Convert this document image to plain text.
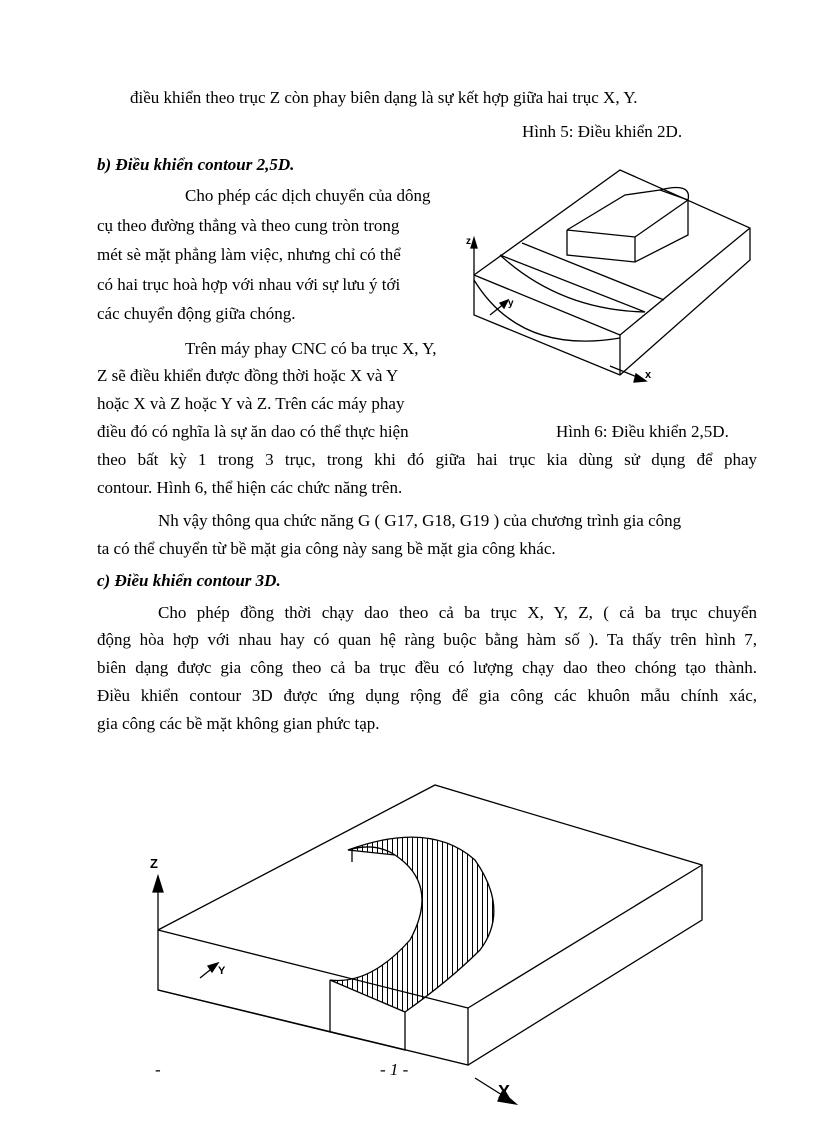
điều khiển theo trục Z còn phay biên dạng là sự kết hợp giữa hai trục X, Y.

Hình 5: Điều khiển 2D.

b) Điều khiển contour 2,5D.

Cho phép các dịch chuyển của dông

cụ theo đường thẳng và theo cung tròn trong

mét sè mặt phẳng làm việc, nhưng chỉ có thể

có hai trục hoà hợp với nhau với sự lưu ý tới

các chuyển động giữa chóng.

Trên máy phay CNC có ba trục X, Y,

Z sẽ điều khiển được đồng thời hoặc X và Y

hoặc X và Z hoặc Y và Z. Trên các máy phay

điều đó có nghĩa là sự ăn dao có thể thực hiện	Hình 6: Điều khiển 2,5D.

theo bất kỳ 1 trong 3 trục, trong khi đó giữa hai trục kia dùng sử dụng để phay

contour. Hình 6, thể hiện các chức năng trên.

Nh vậy thông qua chức năng G ( G17, G18, G19 ) của chương trình gia công

ta có thể chuyển từ bề mặt gia công này sang bề mặt gia công khác.

c) Điều khiển contour 3D.

Cho phép đồng thời chạy dao theo cả ba trục X, Y, Z, ( cả ba trục chuyển

động hòa hợp với nhau hay có quan hệ ràng buộc bằng hàm số ). Ta thấy trên hình 7,

biên dạng được gia công theo cả ba trục đều có lượng chạy dao theo chóng tạo thành.

Điều khiển contour 3D được ứng dụng rộng để gia công các khuôn mẫu chính xác,

gia công các bề mặt không gian phức tạp.

z
x
y
Z
X
Y

-	- 1 -
